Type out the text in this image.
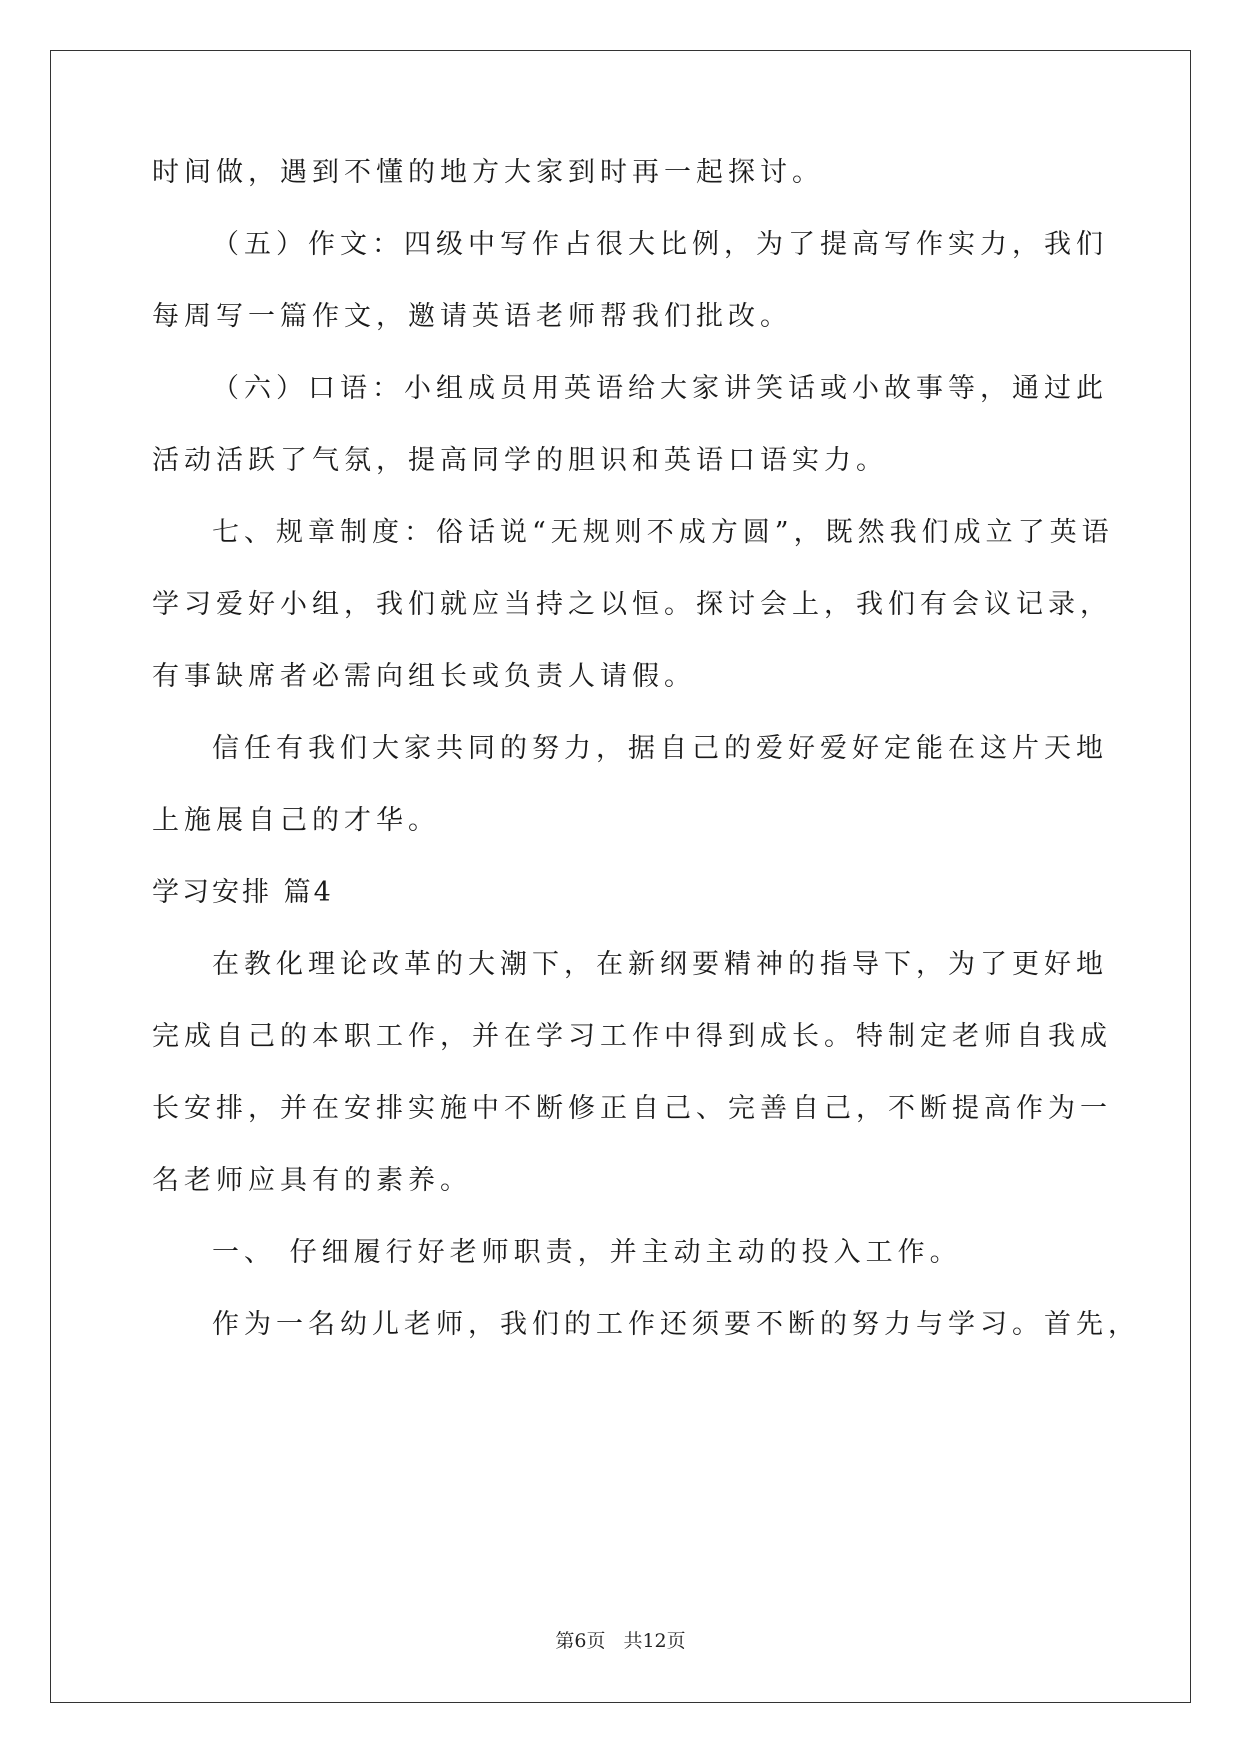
时间做，遇到不懂的地方大家到时再一起探讨。
（五）作文：四级中写作占很大比例，为了提高写作实力，我们
每周写一篇作文，邀请英语老师帮我们批改。
（六）口语：小组成员用英语给大家讲笑话或小故事等，通过此
活动活跃了气氛，提高同学的胆识和英语口语实力。
七、规章制度：俗话说“无规则不成方圆”，既然我们成立了英语
学习爱好小组，我们就应当持之以恒。探讨会上，我们有会议记录，
有事缺席者必需向组长或负责人请假。
信任有我们大家共同的努力，据自己的爱好爱好定能在这片天地
上施展自己的才华。
学习安排 篇4
在教化理论改革的大潮下，在新纲要精神的指导下，为了更好地
完成自己的本职工作，并在学习工作中得到成长。特制定老师自我成
长安排，并在安排实施中不断修正自己、完善自己，不断提高作为一
名老师应具有的素养。
一、 仔细履行好老师职责，并主动主动的投入工作。
作为一名幼儿老师，我们的工作还须要不断的努力与学习。首先，
第6页 共12页
